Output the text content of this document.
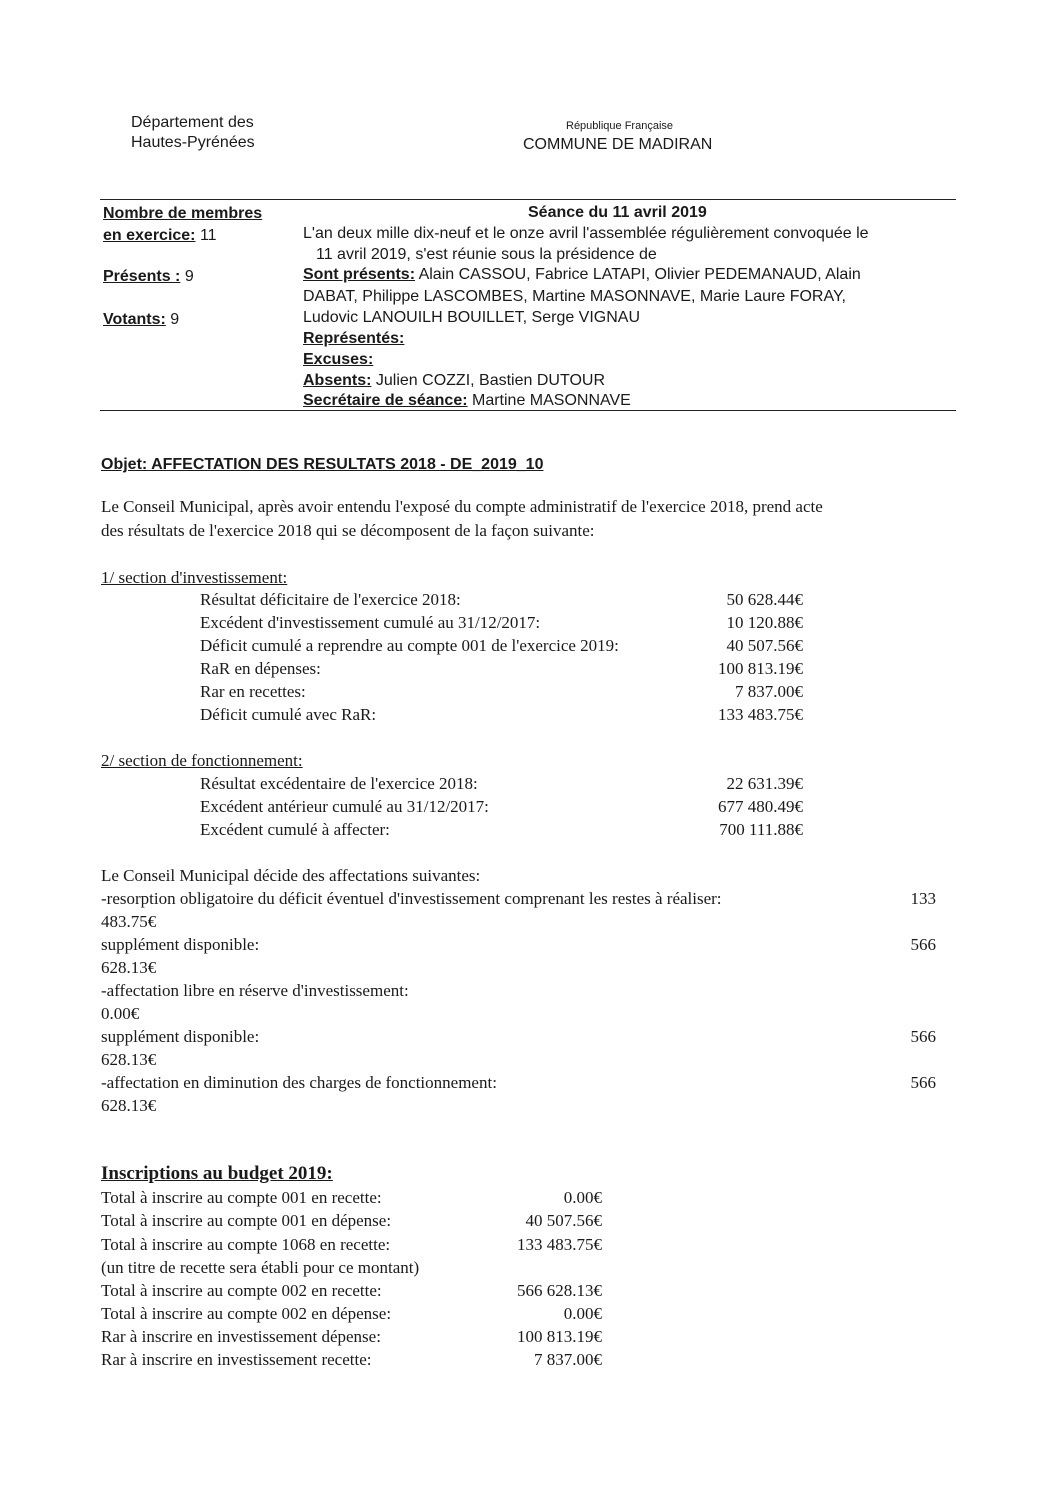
Département des
Hautes-Pyrénées
République Française
COMMUNE DE MADIRAN
Nombre de membres
en exercice: 11
Présents : 9
Votants: 9
Séance du 11 avril 2019
L'an deux mille dix-neuf et le onze avril l'assemblée régulièrement convoquée le
11 avril 2019, s'est réunie sous la présidence de
Sont présents: Alain CASSOU, Fabrice LATAPI, Olivier PEDEMANAUD, Alain
DABAT, Philippe LASCOMBES, Martine MASONNAVE, Marie Laure FORAY,
Ludovic LANOUILH BOUILLET, Serge VIGNAU
Représentés:
Excuses:
Absents: Julien COZZI, Bastien DUTOUR
Secrétaire de séance: Martine MASONNAVE
Objet: AFFECTATION DES RESULTATS 2018 - DE_2019_10
Le Conseil Municipal, après avoir entendu l'exposé du compte administratif de l'exercice 2018, prend acte
des résultats de l'exercice 2018 qui se décomposent de la façon suivante:
1/ section d'investissement:
Résultat déficitaire de l'exercice 2018:	50 628.44€
Excédent d'investissement cumulé au 31/12/2017:	10 120.88€
Déficit cumulé a reprendre au compte 001 de l'exercice 2019:	40 507.56€
RaR en dépenses:	100 813.19€
Rar en recettes:	7 837.00€
Déficit cumulé avec RaR:	133 483.75€
2/ section de fonctionnement:
Résultat excédentaire de l'exercice 2018:	22 631.39€
Excédent antérieur cumulé au 31/12/2017:	677 480.49€
Excédent cumulé à affecter:	700 111.88€
Le Conseil Municipal décide des affectations suivantes:
-resorption obligatoire du déficit éventuel d'investissement comprenant les restes à réaliser:	133
483.75€
supplément disponible:	566
628.13€
-affectation libre en réserve d'investissement:
0.00€
supplément disponible:	566
628.13€
-affectation en diminution des charges de fonctionnement:	566
628.13€
Inscriptions au budget 2019:
Total à inscrire au compte 001 en recette:	0.00€
Total à inscrire au compte 001 en dépense:	40 507.56€
Total à inscrire au compte 1068 en recette:	133 483.75€
(un titre de recette sera établi pour ce montant)
Total à inscrire au compte 002 en recette:	566 628.13€
Total à inscrire au compte 002 en dépense:	0.00€
Rar à inscrire en investissement dépense:	100 813.19€
Rar à inscrire en investissement recette:	7 837.00€
